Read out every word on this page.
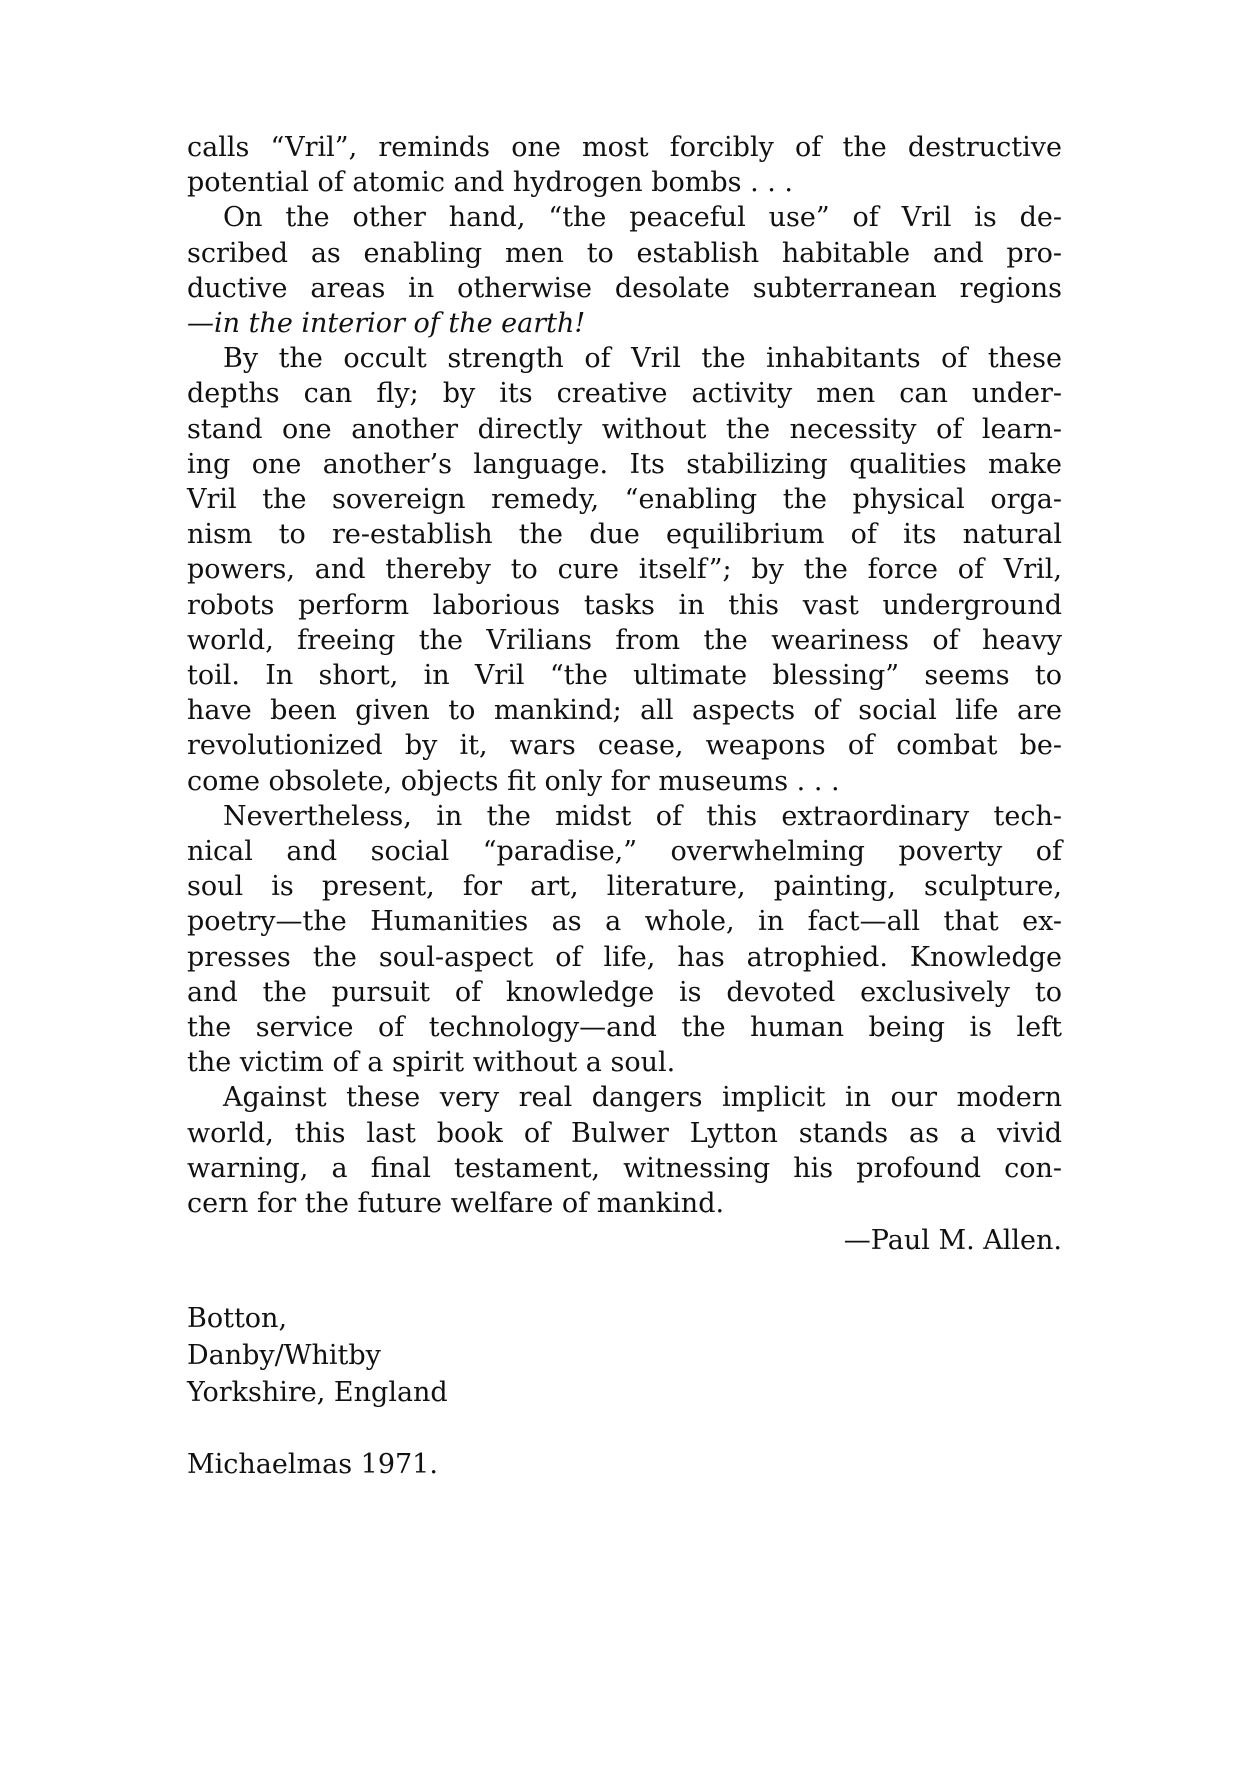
calls “Vril”, reminds one most forcibly of the destructive
potential of atomic and hydrogen bombs . . .
On the other hand, “the peaceful use” of Vril is de-
scribed as enabling men to establish habitable and pro-
ductive areas in otherwise desolate subterranean regions
—in the interior of the earth!
By the occult strength of Vril the inhabitants of these
depths can fly; by its creative activity men can under-
stand one another directly without the necessity of learn-
ing one another’s language. Its stabilizing qualities make
Vril the sovereign remedy, “enabling the physical orga-
nism to re-establish the due equilibrium of its natural
powers, and thereby to cure itself”; by the force of Vril,
robots perform laborious tasks in this vast underground
world, freeing the Vrilians from the weariness of heavy
toil. In short, in Vril “the ultimate blessing” seems to
have been given to mankind; all aspects of social life are
revolutionized by it, wars cease, weapons of combat be-
come obsolete, objects fit only for museums . . .
Nevertheless, in the midst of this extraordinary tech-
nical and social “paradise,” overwhelming poverty of
soul is present, for art, literature, painting, sculpture,
poetry—the Humanities as a whole, in fact—all that ex-
presses the soul-aspect of life, has atrophied. Knowledge
and the pursuit of knowledge is devoted exclusively to
the service of technology—and the human being is left
the victim of a spirit without a soul.
Against these very real dangers implicit in our modern
world, this last book of Bulwer Lytton stands as a vivid
warning, a final testament, witnessing his profound con-
cern for the future welfare of mankind.
—Paul M. Allen.
Botton,
Danby/Whitby
Yorkshire, England
Michaelmas 1971.
